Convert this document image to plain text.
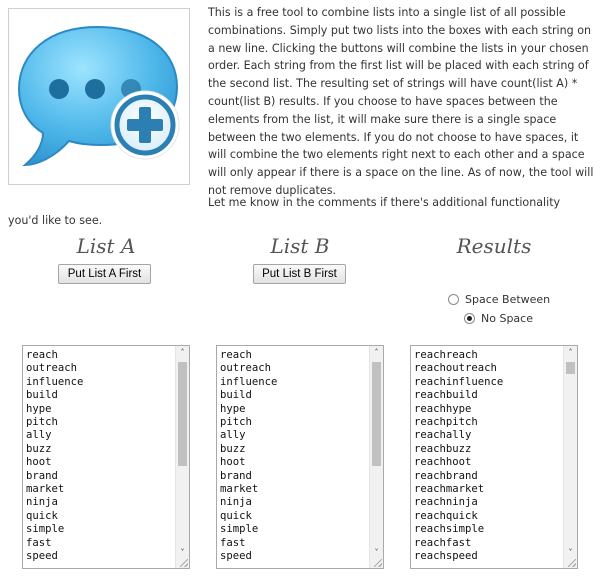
This is a free tool to combine lists into a single list of all possible combinations. Simply put two lists into the boxes with each string on a new line. Clicking the buttons will combine the lists in your chosen order. Each string from the first list will be placed with each string of the second list. The resulting set of strings will have count(list A) * count(list B) results. If you choose to have spaces between the elements from the list, it will make sure there is a single space between the two elements. If you do not choose to have spaces, it will combine the two elements right next to each other and a space will only appear if there is a space on the line. As of now, the tool will not remove duplicates.

Let me know in the comments if there's additional functionality you'd like to see.

List A	List B	Results
Put List A First	Put List B First
Space Between
No Space
reach
outreach
influence
build
hype
pitch
ally
buzz
hoot
brand
market
ninja
quick
simple
fast
speed
˄
˅
reach
outreach
influence
build
hype
pitch
ally
buzz
hoot
brand
market
ninja
quick
simple
fast
speed
˄
˅
reachreach
reachoutreach
reachinfluence
reachbuild
reachhype
reachpitch
reachally
reachbuzz
reachhoot
reachbrand
reachmarket
reachninja
reachquick
reachsimple
reachfast
reachspeed
˄
˅
